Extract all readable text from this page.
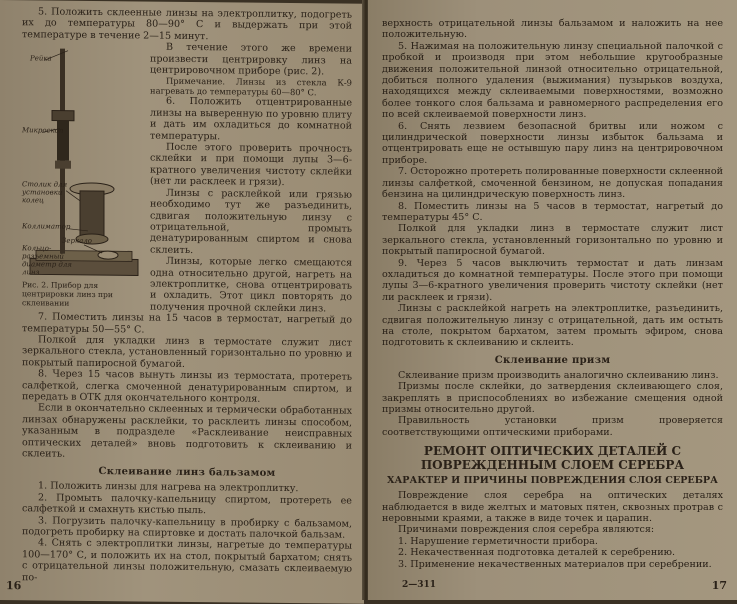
5. Положить склеенные линзы на электроплитку, подогреть их до температуры 80—90° С и выдержать при этой температуре в течение 2—15 минут.

Рейка
Микроскоп
Столик для установки колец
Коллиматор
Зеркало
Кольцо-разъемный диаметр для линз
Рис. 2. Прибор для центрировки линз при склеивании

В течение этого же времени произвести центрировку линз на центрировочном приборе (рис. 2).

Примечание. Линзы из стекла К-9 нагревать до температуры 60—80° С.

6. Положить отцентрированные линзы на выверенную по уровню плиту и дать им охладиться до комнатной температуры.

После этого проверить прочность склейки и при помощи лупы 3—6-кратного увеличения чистоту склейки (нет ли расклеек и грязи).

Линзы с расклейкой или грязью необходимо тут же разъединить, сдвигая положительную линзу с отрицательной, промыть денатурированным спиртом и снова склеить.

Линзы, которые легко смещаются одна относительно другой, нагреть на электроплитке, снова отцентрировать и охладить. Этот цикл повторять до получения прочной склейки линз.

7. Поместить линзы на 15 часов в термостат, нагретый до температуры 50—55° С.

Полкой для укладки линз в термостате служит лист зеркального стекла, установленный горизонтально по уровню и покрытый папиросной бумагой.

8. Через 15 часов вынуть линзы из термостата, протереть салфеткой, слегка смоченной денатурированным спиртом, и передать в ОТК для окончательного контроля.

Если в окончательно склеенных и термически обработанных линзах обнаружены расклейки, то расклеить линзы способом, указанным в подразделе «Расклеивание неисправных оптических деталей» вновь подготовить к склеиванию и склеить.

Склеивание линз бальзамом

1. Положить линзы для нагрева на электроплитку.

2. Промыть палочку-капельницу спиртом, протереть ее салфеткой и смахнуть кистью пыль.

3. Погрузить палочку-капельницу в пробирку с бальзамом, подогреть пробирку на спиртовке и достать палочкой бальзам.

4. Снять с электроплитки линзы, нагретые до температуры 100—170° С, и положить их на стол, покрытый бархатом; снять с отрицательной линзы положительную, смазать склеиваемую по-

16

верхность отрицательной линзы бальзамом и наложить на нее положительную.

5. Нажимая на положительную линзу специальной палочкой с пробкой и производя при этом небольшие кругообразные движения положительной линзой относительно отрицательной, добиться полного удаления (выжимания) пузырьков воздуха, находящихся между склеиваемыми поверхностями, возможно более тонкого слоя бальзама и равномерного распределения его по всей склеиваемой поверхности линз.

6. Снять лезвием безопасной бритвы или ножом с цилиндрической поверхности линзы избыток бальзама и отцентрировать еще не остывшую пару линз на центрировочном приборе.

7. Осторожно протереть полированные поверхности склеенной линзы салфеткой, смоченной бензином, не допуская попадания бензина на цилиндрическую поверхность линз.

8. Поместить линзы на 5 часов в термостат, нагретый до температуры 45° С.

Полкой для укладки линз в термостате служит лист зеркального стекла, установленный горизонтально по уровню и покрытый папиросной бумагой.

9. Через 5 часов выключить термостат и дать линзам охладиться до комнатной температуры. После этого при помощи лупы 3—6-кратного увеличения проверить чистоту склейки (нет ли расклеек и грязи).

Линзы с расклейкой нагреть на электроплитке, разъединить, сдвигая положительную линзу с отрицательной, дать им остыть на столе, покрытом бархатом, затем промыть эфиром, снова подготовить к склеиванию и склеить.

Склеивание призм

Склеивание призм производить аналогично склеиванию линз.

Призмы после склейки, до затвердения склеивающего слоя, закреплять в приспособлениях во избежание смещения одной призмы относительно другой.

Правильность установки призм проверяется соответствующими оптическими приборами.

РЕМОНТ ОПТИЧЕСКИХ ДЕТАЛЕЙ С ПОВРЕЖДЕННЫМ СЛОЕМ СЕРЕБРА
ХАРАКТЕР И ПРИЧИНЫ ПОВРЕЖДЕНИЯ СЛОЯ СЕРЕБРА

Повреждение слоя серебра на оптических деталях наблюдается в виде желтых и матовых пятен, сквозных протрав с неровными краями, а также в виде точек и царапин.

Причинами повреждения слоя серебра являются:

1. Нарушение герметичности прибора.

2. Некачественная подготовка деталей к серебрению.

3. Применение некачественных материалов при серебрении.

2—311	17
